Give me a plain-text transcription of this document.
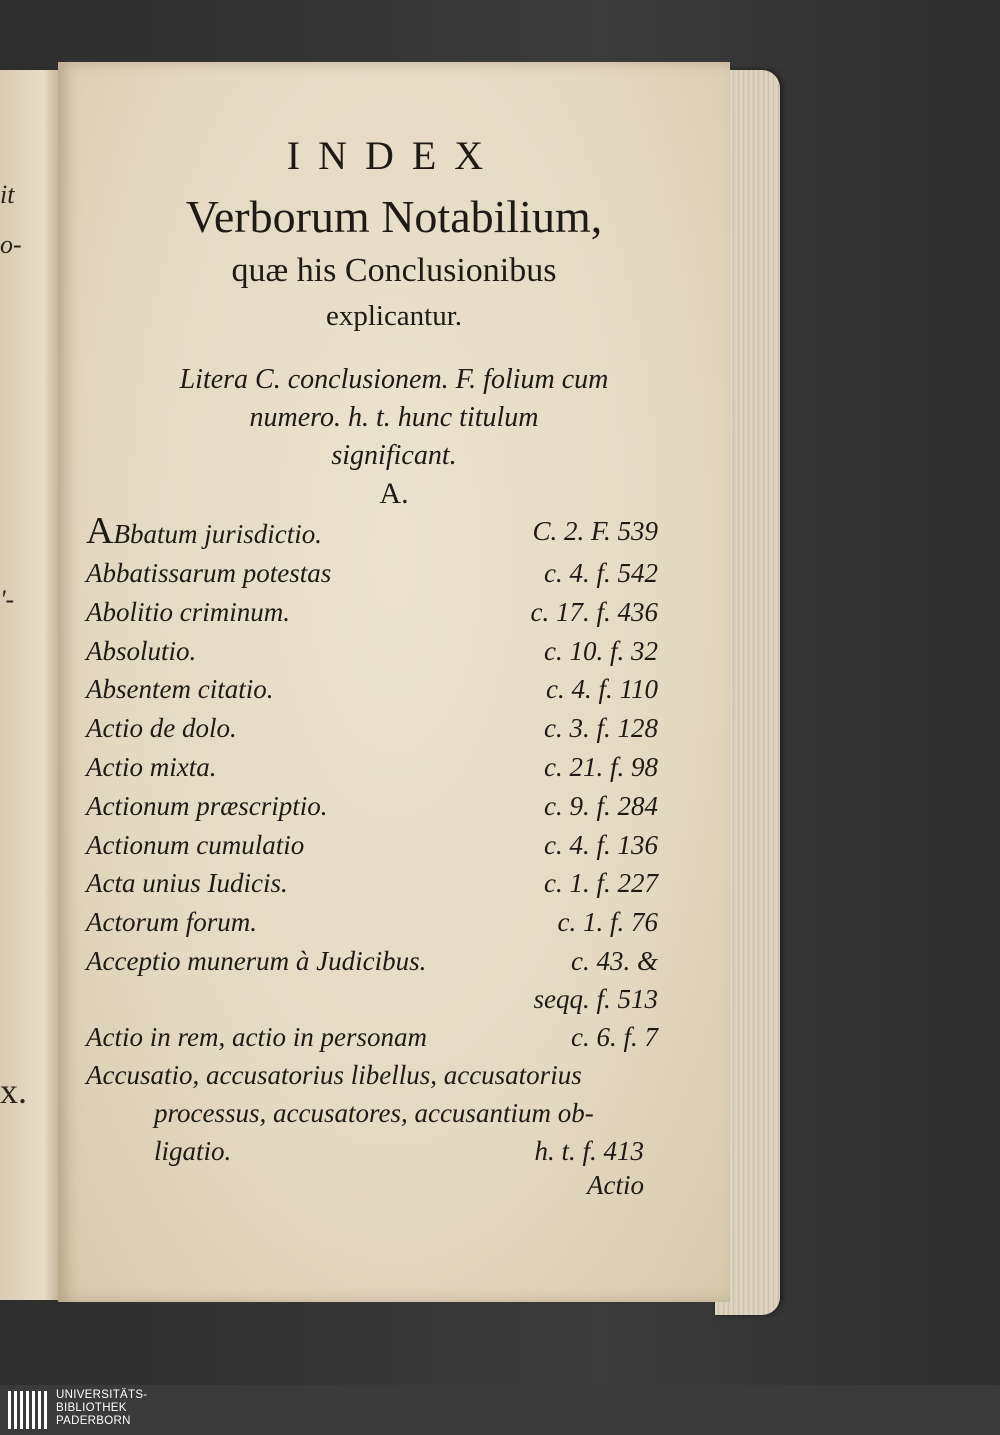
it
o-
'-
x.
INDEX
Verborum Notabilium,
quæ his Conclusionibus
explicantur.
Litera C. conclusionem. F. folium cum
numero. h. t. hunc titulum
significant.
A.
ABbatum jurisdictio.	C. 2. F. 539
Abbatissarum potestas	c. 4. f. 542
Abolitio criminum.	c. 17. f. 436
Absolutio.	c. 10. f. 32
Absentem citatio.	c. 4. f. 110
Actio de dolo.	c. 3. f. 128
Actio mixta.	c. 21. f. 98
Actionum præscriptio.	c. 9. f. 284
Actionum cumulatio	c. 4. f. 136
Acta unius Iudicis.	c. 1. f. 227
Actorum forum.	c. 1. f. 76
Acceptio munerum à Judicibus.	c. 43. &
seqq. f. 513
Actio in rem, actio in personam	c. 6. f. 7
Accusatio, accusatorius libellus, accusatorius
processus, accusatores, accusantium ob-
ligatio.	h. t. f. 413
Actio
UNIVERSITÄTS-
BIBLIOTHEK
PADERBORN
